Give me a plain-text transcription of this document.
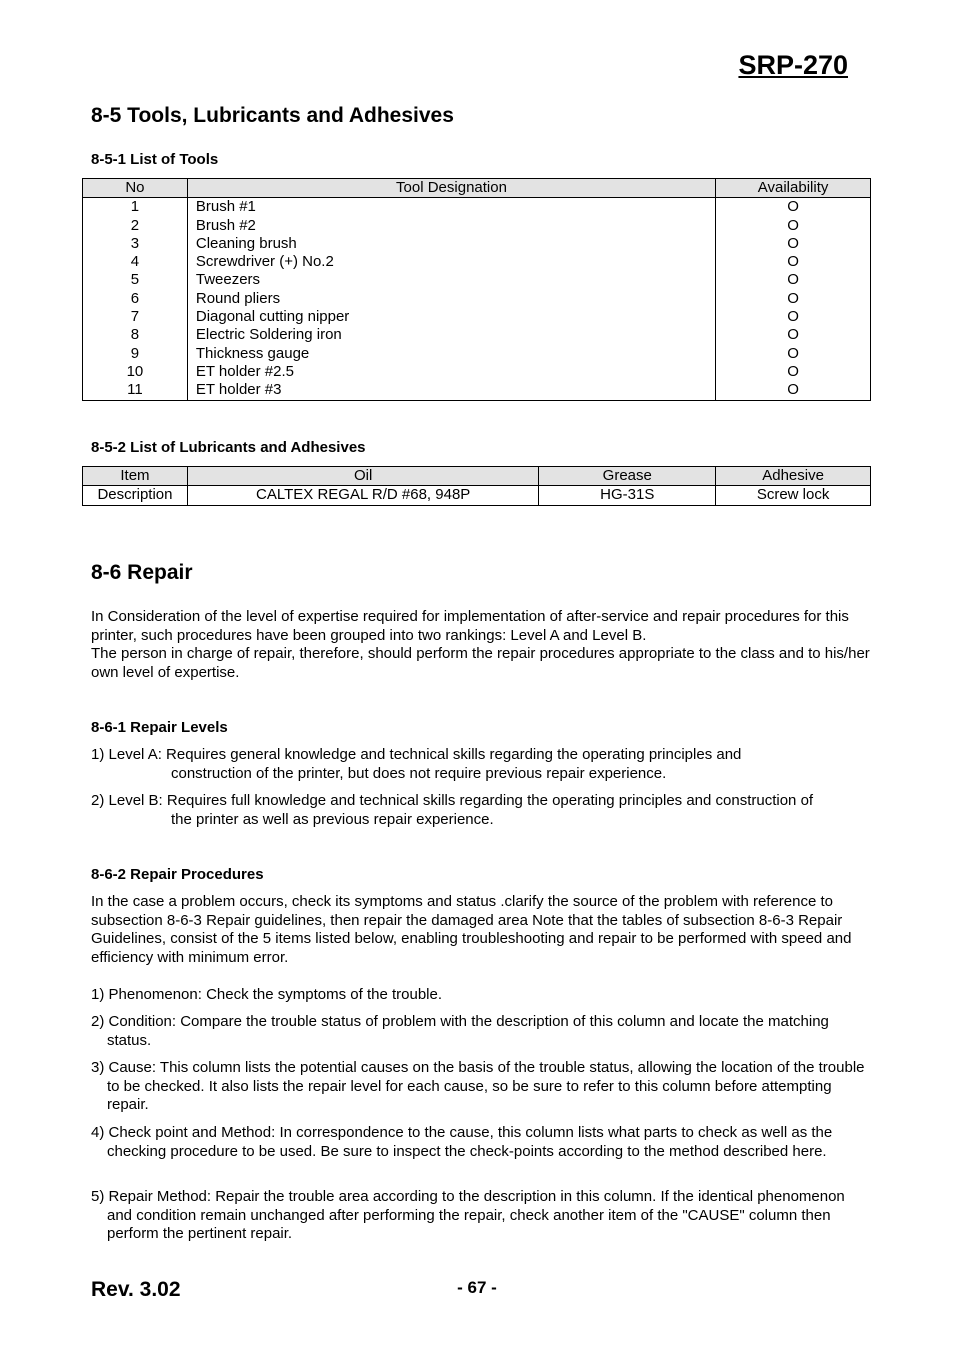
SRP-270
8-5 Tools, Lubricants and Adhesives
8-5-1 List of Tools
No	Tool Designation	Availability
1	Brush #1	O
2	Brush #2	O
3	Cleaning brush	O
4	Screwdriver (+) No.2	O
5	Tweezers	O
6	Round pliers	O
7	Diagonal cutting nipper	O
8	Electric Soldering iron	O
9	Thickness gauge	O
10	ET holder #2.5	O
11	ET holder #3	O
8-5-2 List of Lubricants and Adhesives
Item	Oil	Grease	Adhesive
Description	CALTEX REGAL R/D #68, 948P	HG-31S	Screw lock
8-6 Repair
In Consideration of the level of expertise required for implementation of after-service and repair procedures for this printer, such procedures have been grouped into two rankings: Level A and Level B.
The person in charge of repair, therefore, should perform the repair procedures appropriate to the class and to his/her own level of expertise.
8-6-1 Repair Levels
1) Level A: Requires general knowledge and technical skills regarding the operating principles and
construction of the printer, but does not require previous repair experience.
2) Level B: Requires full knowledge and technical skills regarding the operating principles and construction of
the printer as well as previous repair experience.
8-6-2 Repair Procedures
In the case a problem occurs, check its symptoms and status .clarify the source of the problem with reference to subsection 8-6-3 Repair guidelines, then repair the damaged area Note that the tables of subsection 8-6-3 Repair Guidelines, consist of the 5 items listed below, enabling troubleshooting and repair to be performed with speed and efficiency with minimum error.
1) Phenomenon: Check the symptoms of the trouble.
2) Condition: Compare the trouble status of problem with the description of this column and locate the matching status.
3) Cause: This column lists the potential causes on the basis of the trouble status, allowing the location of the trouble to be checked. It also lists the repair level for each cause, so be sure to refer to this column before attempting repair.
4) Check point and Method: In correspondence to the cause, this column lists what parts to check as well as the checking procedure to be used. Be sure to inspect the check-points according to the method described here.
5) Repair Method: Repair the trouble area according to the description in this column. If the identical phenomenon and condition remain unchanged after performing the repair, check another item of the "CAUSE" column then perform the pertinent repair.
Rev. 3.02	- 67 -
